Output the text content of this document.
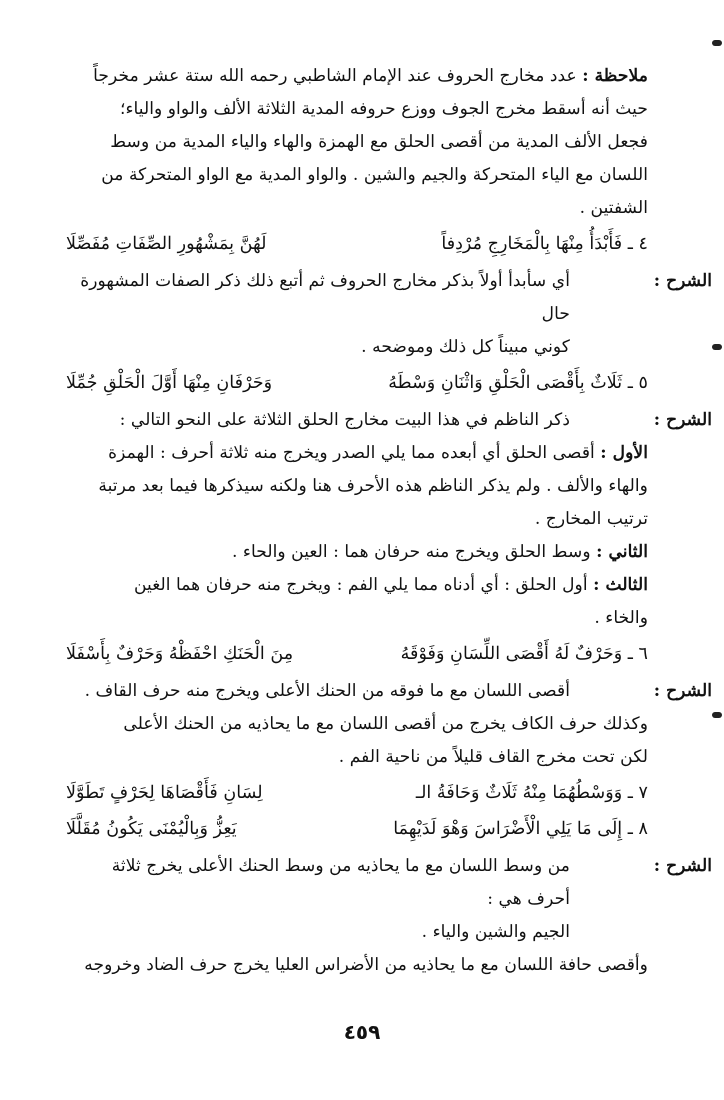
ملاحظة : عدد مخارج الحروف عند الإمام الشاطبي رحمه الله ستة عشر مخرجاً
حيث أنه أسقط مخرج الجوف ووزع حروفه المدية الثلاثة الألف والواو والياء؛
فجعل الألف المدية من أقصى الحلق مع الهمزة والهاء والياء المدية من وسط
اللسان مع الياء المتحركة والجيم والشين . والواو المدية مع الواو المتحركة من
الشفتين .
٤ ـ فَأَبْدَأُ مِنْهَا بِالْمَخَارِجِ مُرْدِفاً
لَهُنَّ بِمَشْهُورِ الصِّفَاتِ مُفَصِّلَا
الشرح :
أي سأبدأ أولاً بذكر مخارج الحروف ثم أتبع ذلك ذكر الصفات المشهورة حال
كوني مبيناً كل ذلك وموضحه .
٥ ـ ثَلَاثٌ بِأَقْصَى الْحَلْقِ وَاثْنَانِ وَسْطَهُ
وَحَرْفَانِ مِنْهَا أَوَّلَ الْحَلْقِ جُمِّلَا
الشرح :
ذكر الناظم في هذا البيت مخارج الحلق الثلاثة على النحو التالي :
الأول : أقصى الحلق أي أبعده مما يلي الصدر ويخرج منه ثلاثة أحرف : الهمزة
والهاء والألف . ولم يذكر الناظم هذه الأحرف هنا ولكنه سيذكرها فيما بعد مرتبة
ترتيب المخارج .
الثاني : وسط الحلق ويخرج منه حرفان هما : العين والحاء .
الثالث : أول الحلق : أي أدناه مما يلي الفم : ويخرج منه حرفان هما الغين
والخاء .
٦ ـ وَحَرْفٌ لَهُ أَقْصَى اللِّسَانِ وَفَوْقَهُ
مِنَ الْحَنَكِ احْفَظْهُ وَحَرْفٌ بِأَسْفَلَا
الشرح :
أقصى اللسان مع ما فوقه من الحنك الأعلى ويخرج منه حرف القاف .
وكذلك حرف الكاف يخرج من أقصى اللسان مع ما يحاذيه من الحنك الأعلى
لكن تحت مخرج القاف قليلاً من ناحية الفم .
٧ ـ وَوَسْطُهُمَا مِنْهُ ثَلَاثٌ وَحَافَةُ الـ
لِسَانِ فَأَقْصَاهَا لِحَرْفٍ تَطَوَّلَا
٨ ـ إِلَى مَا يَلِي الْأَضْرَاسَ وَهْوَ لَدَيْهِمَا
يَعِزُّ وَبِالْيُمْنَى يَكُونُ مُقَلَّلَا
الشرح :
من وسط اللسان مع ما يحاذيه من وسط الحنك الأعلى يخرج ثلاثة أحرف هي :
الجيم والشين والياء .
وأقصى حافة اللسان مع ما يحاذيه من الأضراس العليا يخرج حرف الضاد وخروجه
٤٥٩
